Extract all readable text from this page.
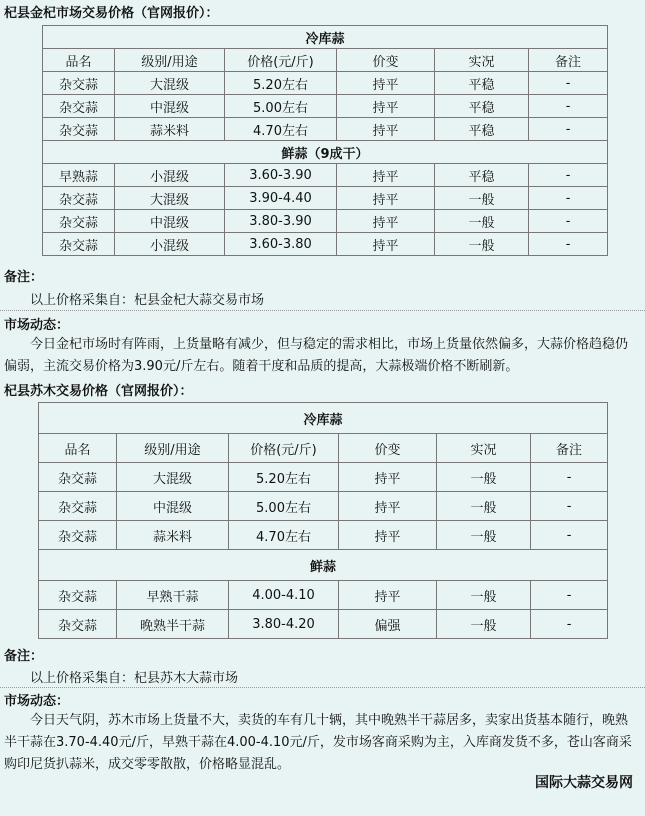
杞县金杞市场交易价格（官网报价）：
冷库蒜					
品名	级别/用途	价格(元/斤)	价变	实况	备注
杂交蒜	大混级	5.20左右	持平	平稳	-
杂交蒜	中混级	5.00左右	持平	平稳	-
杂交蒜	蒜米料	4.70左右	持平	平稳	-
鲜蒜（9成干）					
早熟蒜	小混级	3.60-3.90	持平	平稳	-
杂交蒜	大混级	3.90-4.40	持平	一般	-
杂交蒜	中混级	3.80-3.90	持平	一般	-
杂交蒜	小混级	3.60-3.80	持平	一般	-
备注：
以上价格采集自：杞县金杞大蒜交易市场
市场动态：
今日金杞市场时有阵雨，上货量略有减少，但与稳定的需求相比，市场上货量依然偏多，大蒜价格趋稳仍偏弱，主流交易价格为3.90元/斤左右。随着干度和品质的提高，大蒜极端价格不断刷新。
杞县苏木交易价格（官网报价）：
冷库蒜					
品名	级别/用途	价格(元/斤)	价变	实况	备注
杂交蒜	大混级	5.20左右	持平	一般	-
杂交蒜	中混级	5.00左右	持平	一般	-
杂交蒜	蒜米料	4.70左右	持平	一般	-
鲜蒜					
杂交蒜	早熟干蒜	4.00-4.10	持平	一般	-
杂交蒜	晚熟半干蒜	3.80-4.20	偏强	一般	-
备注：
以上价格采集自：杞县苏木大蒜市场
市场动态：
今日天气阴，苏木市场上货量不大，卖货的车有几十辆，其中晚熟半干蒜居多，卖家出货基本随行，晚熟半干蒜在3.70-4.40元/斤，早熟干蒜在4.00-4.10元/斤，发市场客商采购为主，入库商发货不多，苍山客商采购印尼货扒蒜米，成交零零散散，价格略显混乱。
国际大蒜交易网
